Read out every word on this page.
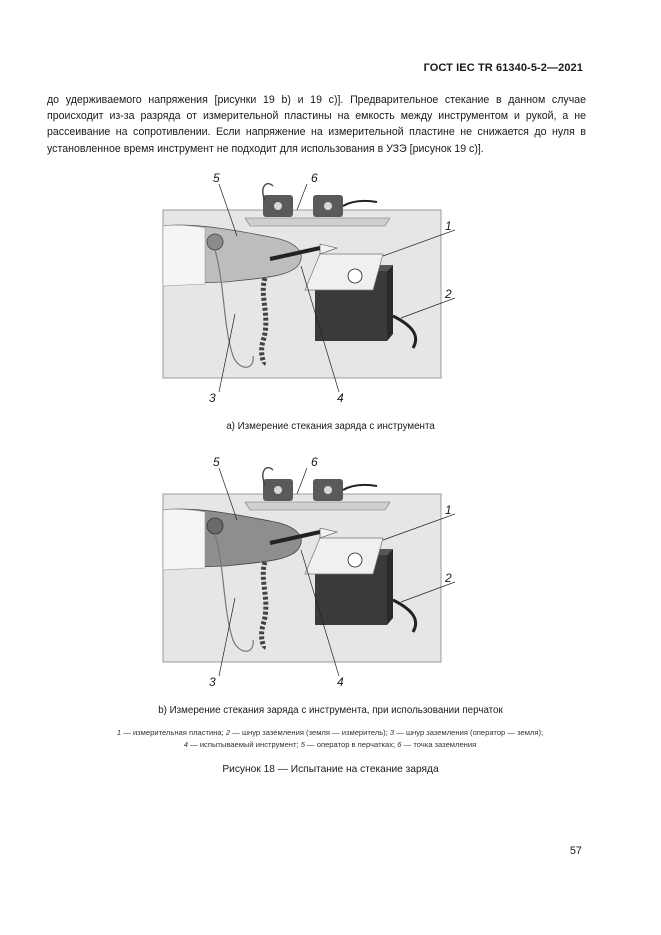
ГОСТ IEC TR 61340-5-2—2021
до удерживаемого напряжения [рисунки 19 b) и 19 с)]. Предварительное стекание в данном случае
происходит из-за разряда от измерительной пластины на емкость между инструментом и рукой, а не
рассеивание на сопротивлении. Если напряжение на измерительной пластине не снижается до нуля в
установленное время инструмент не подходит для использования в УЗЭ [рисунок 19 с)].
5	6
1
2
3	4
а) Измерение стекания заряда с инструмента
5	6
1
2
3	4
b) Измерение стекания заряда с инструмента, при использовании перчаток
1 — измерительная пластина; 2 — шнур заземления (земля — измеритель); 3 — шнур заземления (оператор — земля);
4 — испытываемый инструмент; 5 — оператор в перчатках; 6 — точка заземления
Рисунок 18 — Испытание на стекание заряда
57
